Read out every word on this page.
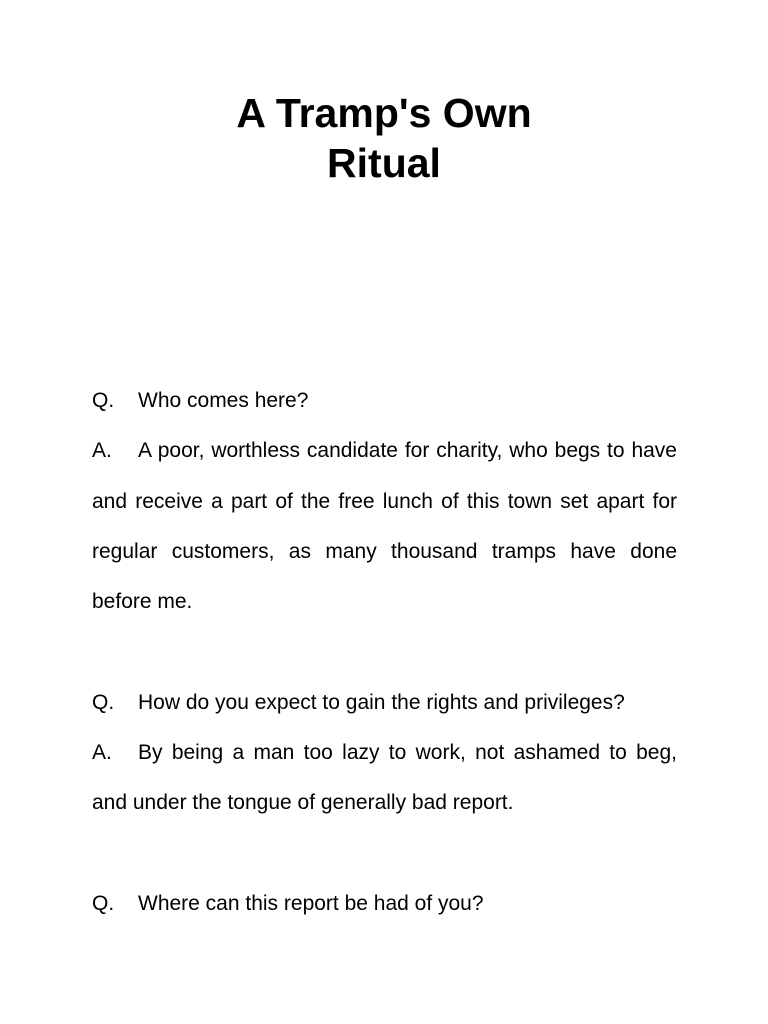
A Tramp's Own
Ritual

Q. Who comes here?

A. A poor, worthless candidate for charity, who begs to have and receive a part of the free lunch of this town set apart for regular customers, as many thousand tramps have done before me.

Q. How do you expect to gain the rights and privileges?

A. By being a man too lazy to work, not ashamed to beg, and under the tongue of generally bad report.

Q. Where can this report be had of you?
